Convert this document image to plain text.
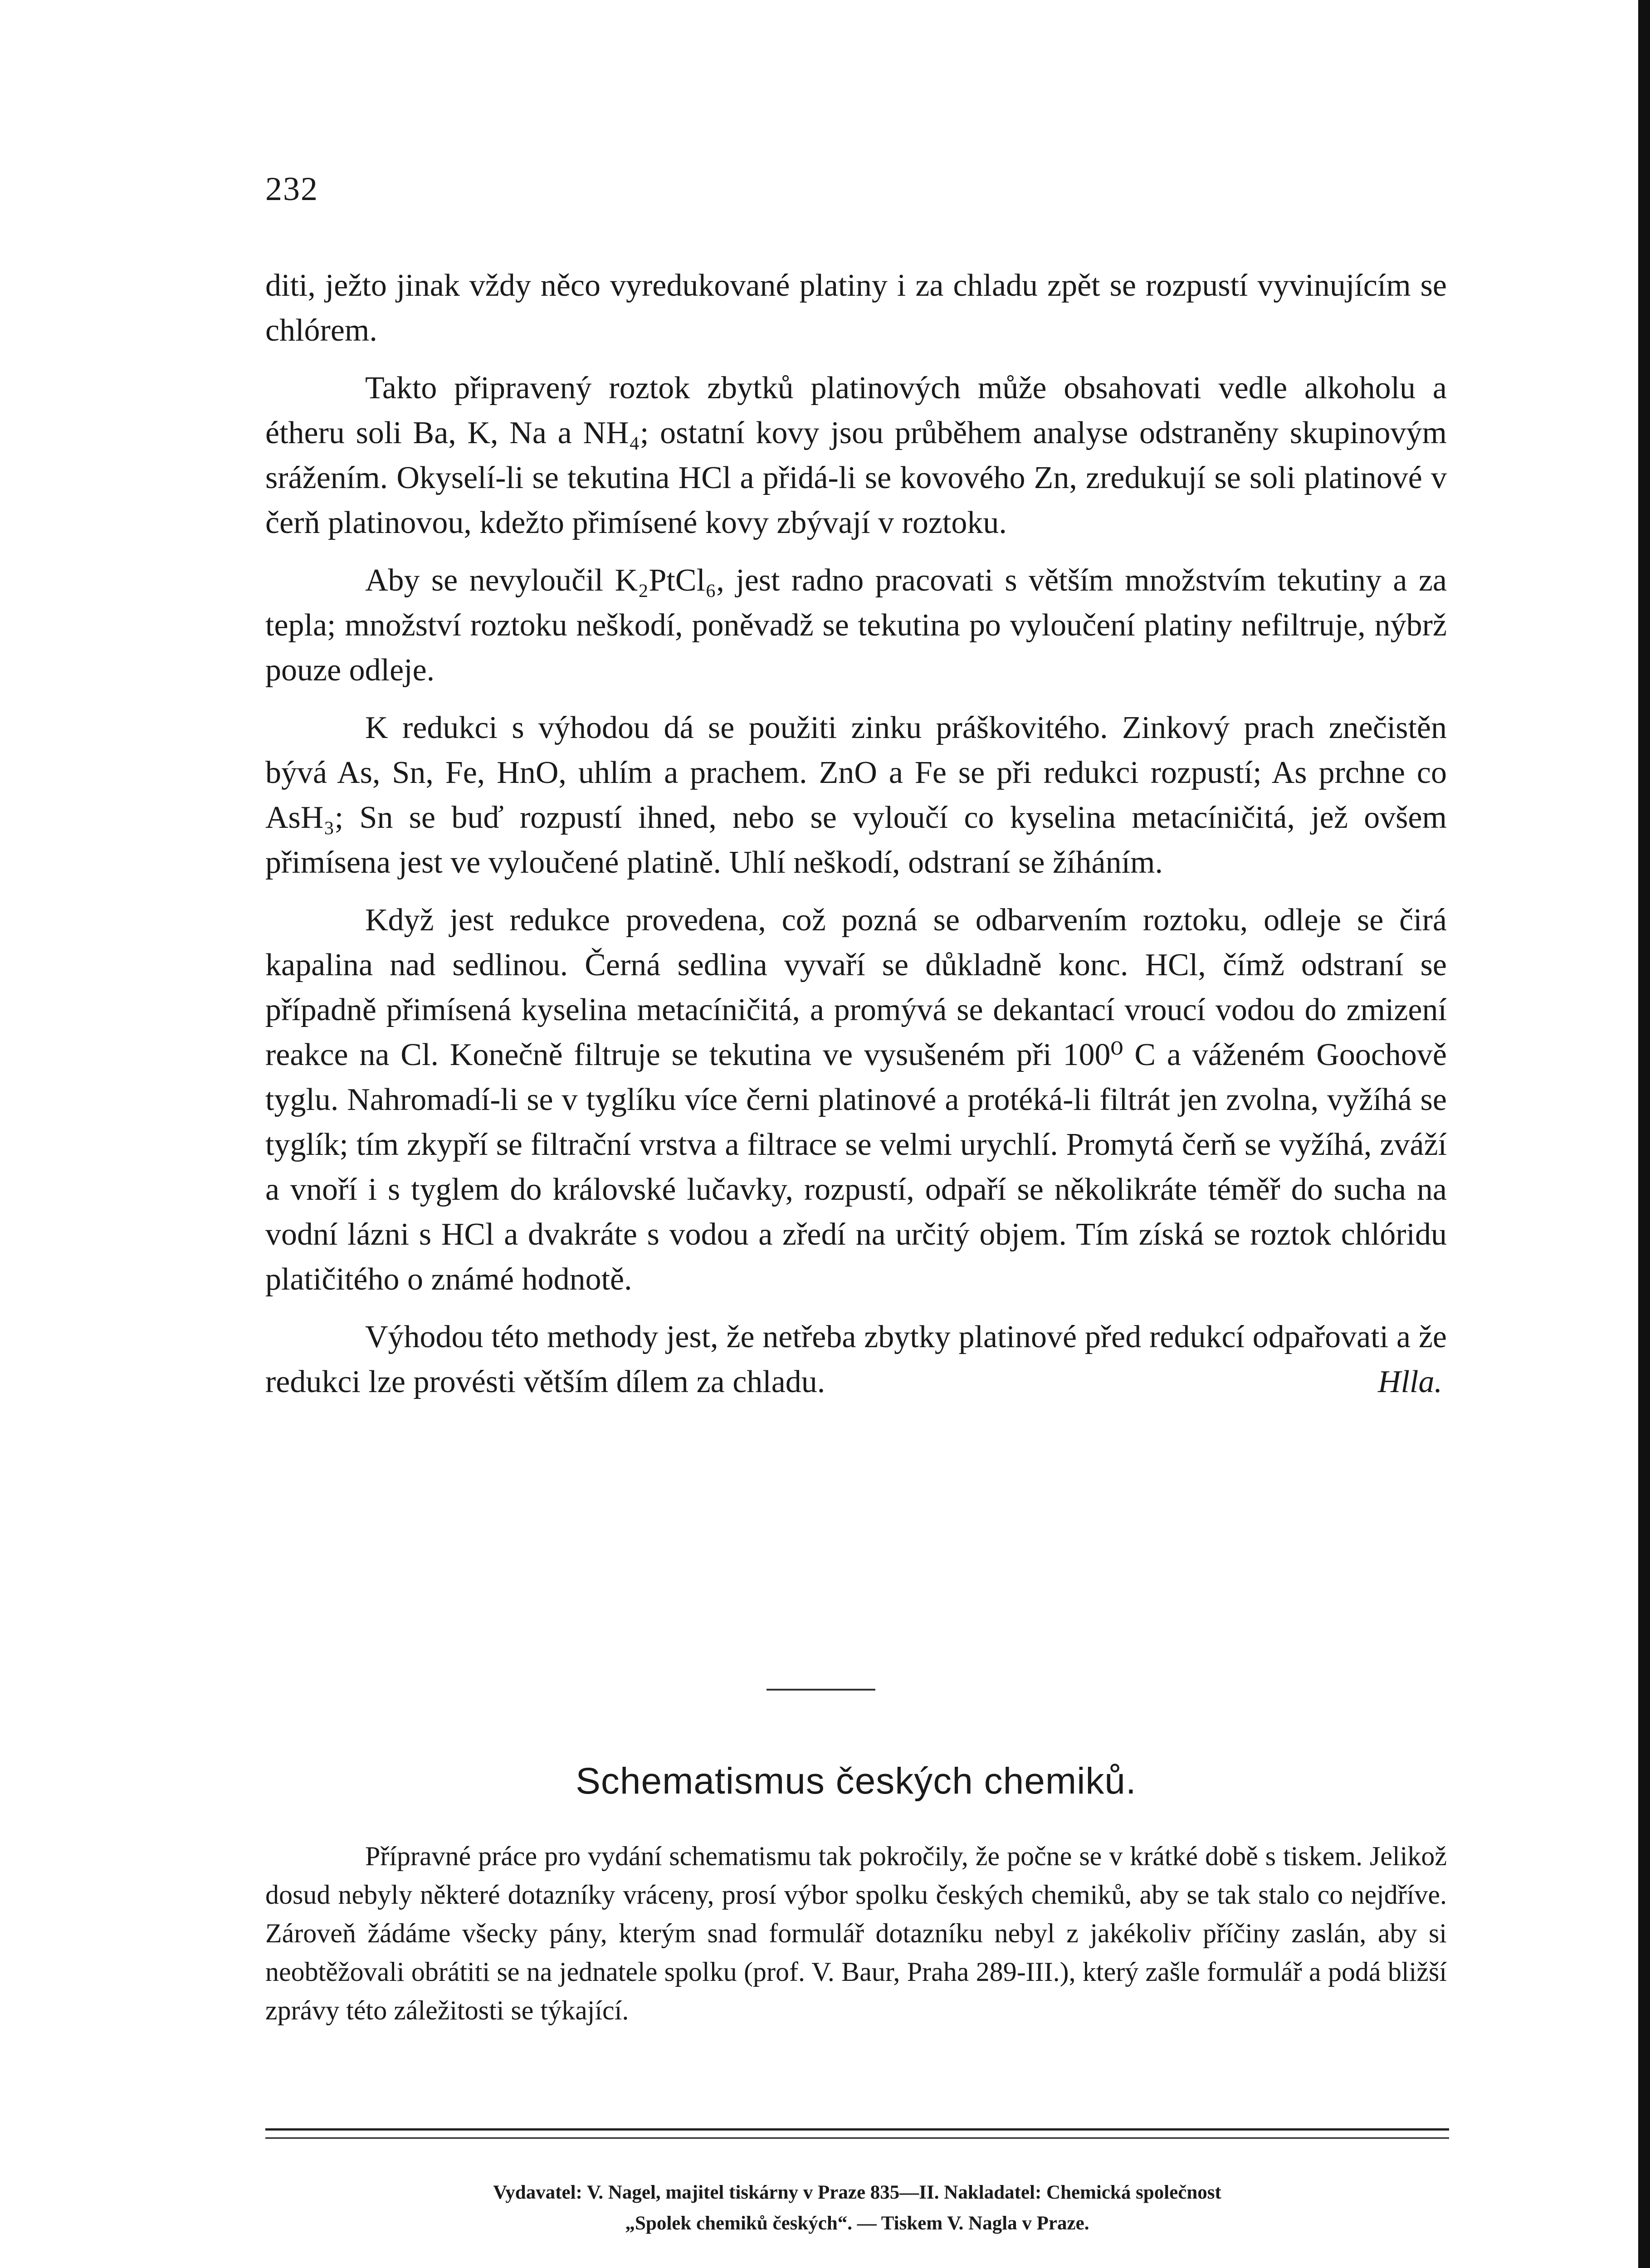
232

diti, ježto jinak vždy něco vyredukované platiny i za chladu zpět se rozpustí vyvinujícím se chlórem.

Takto připravený roztok zbytků platinových může obsahovati vedle alkoholu a étheru soli Ba, K, Na a NH₄; ostatní kovy jsou průběhem analyse odstraněny skupinovým srážením. Okyselí-li se tekutina HCl a přidá-li se kovového Zn, zredukují se soli platinové v čerň platinovou, kdežto přimísené kovy zbývají v roztoku.

Aby se nevyloučil K₂PtCl₆, jest radno pracovati s větším množstvím tekutiny a za tepla; množství roztoku neškodí, poněvadž se tekutina po vyloučení platiny nefiltruje, nýbrž pouze odleje.

K redukci s výhodou dá se použiti zinku práškovitého. Zinkový prach znečistěn bývá As, Sn, Fe, HnO, uhlím a prachem. ZnO a Fe se při redukci rozpustí; As prchne co AsH₃; Sn se buď rozpustí ihned, nebo se vyloučí co kyselina metacíničitá, jež ovšem přimísena jest ve vyloučené platině. Uhlí neškodí, odstraní se žíháním.

Když jest redukce provedena, což pozná se odbarvením roztoku, odleje se čirá kapalina nad sedlinou. Černá sedlina vyvaří se důkladně konc. HCl, čímž odstraní se případně přimísená kyselina metacíničitá, a promývá se dekantací vroucí vodou do zmizení reakce na Cl. Konečně filtruje se tekutina ve vysušeném při 100⁰ C a váženém Goochově tyglu. Nahromadí-li se v tyglíku více černi platinové a protéká-li filtrát jen zvolna, vyžíhá se tyglík; tím zkypří se filtrační vrstva a filtrace se velmi urychlí. Promytá čerň se vyžíhá, zváží a vnoří i s tyglem do královské lučavky, rozpustí, odpaří se několikráte téměř do sucha na vodní lázni s HCl a dvakráte s vodou a zředí na určitý objem. Tím získá se roztok chlóridu platičitého o známé hodnotě.

Výhodou této methody jest, že netřeba zbytky platinové před redukcí odpařovati a že redukci lze provésti větším dílem za chladu.	Hlla.

Schematismus českých chemiků.

Přípravné práce pro vydání schematismu tak pokročily, že počne se v krátké době s tiskem. Jelikož dosud nebyly některé dotazníky vráceny, prosí výbor spolku českých chemiků, aby se tak stalo co nejdříve. Zároveň žádáme všecky pány, kterým snad formulář dotazníku nebyl z jakékoliv příčiny zaslán, aby si neobtěžovali obrátiti se na jednatele spolku (prof. V. Baur, Praha 289-III.), který zašle formulář a podá bližší zprávy této záležitosti se týkající.

Vydavatel: V. Nagel, majitel tiskárny v Praze 835—II. Nakladatel: Chemická společnost
„Spolek chemiků českých“. — Tiskem V. Nagla v Praze.
